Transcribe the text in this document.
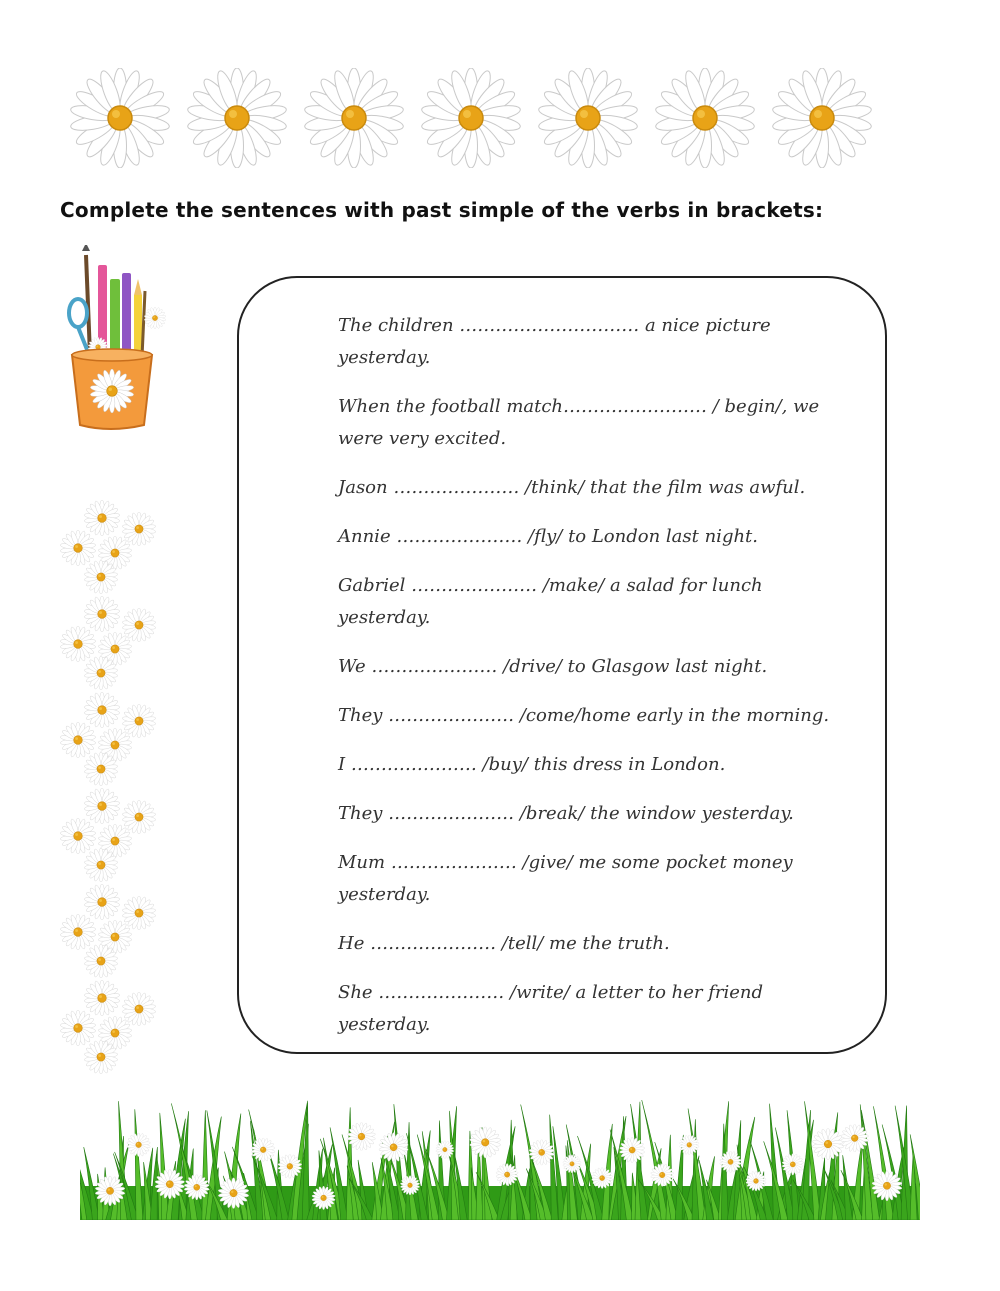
Complete the sentences with past simple of the verbs in brackets:
The children ………………………… a nice picture yesterday.
When the football match…………………… / begin/, we were very excited.
Jason ………………… /think/ that the film was awful.
Annie ………………… /fly/ to London last night.
Gabriel ………………… /make/ a salad for lunch yesterday.
We ………………… /drive/ to Glasgow last night.
They ………………… /come/home early in the morning.
I ………………… /buy/ this dress in London.
They ………………… /break/ the window yesterday.
Mum ………………… /give/ me some pocket money yesterday.
He ………………… /tell/ me the truth.
She ………………… /write/ a letter to her friend yesterday.
